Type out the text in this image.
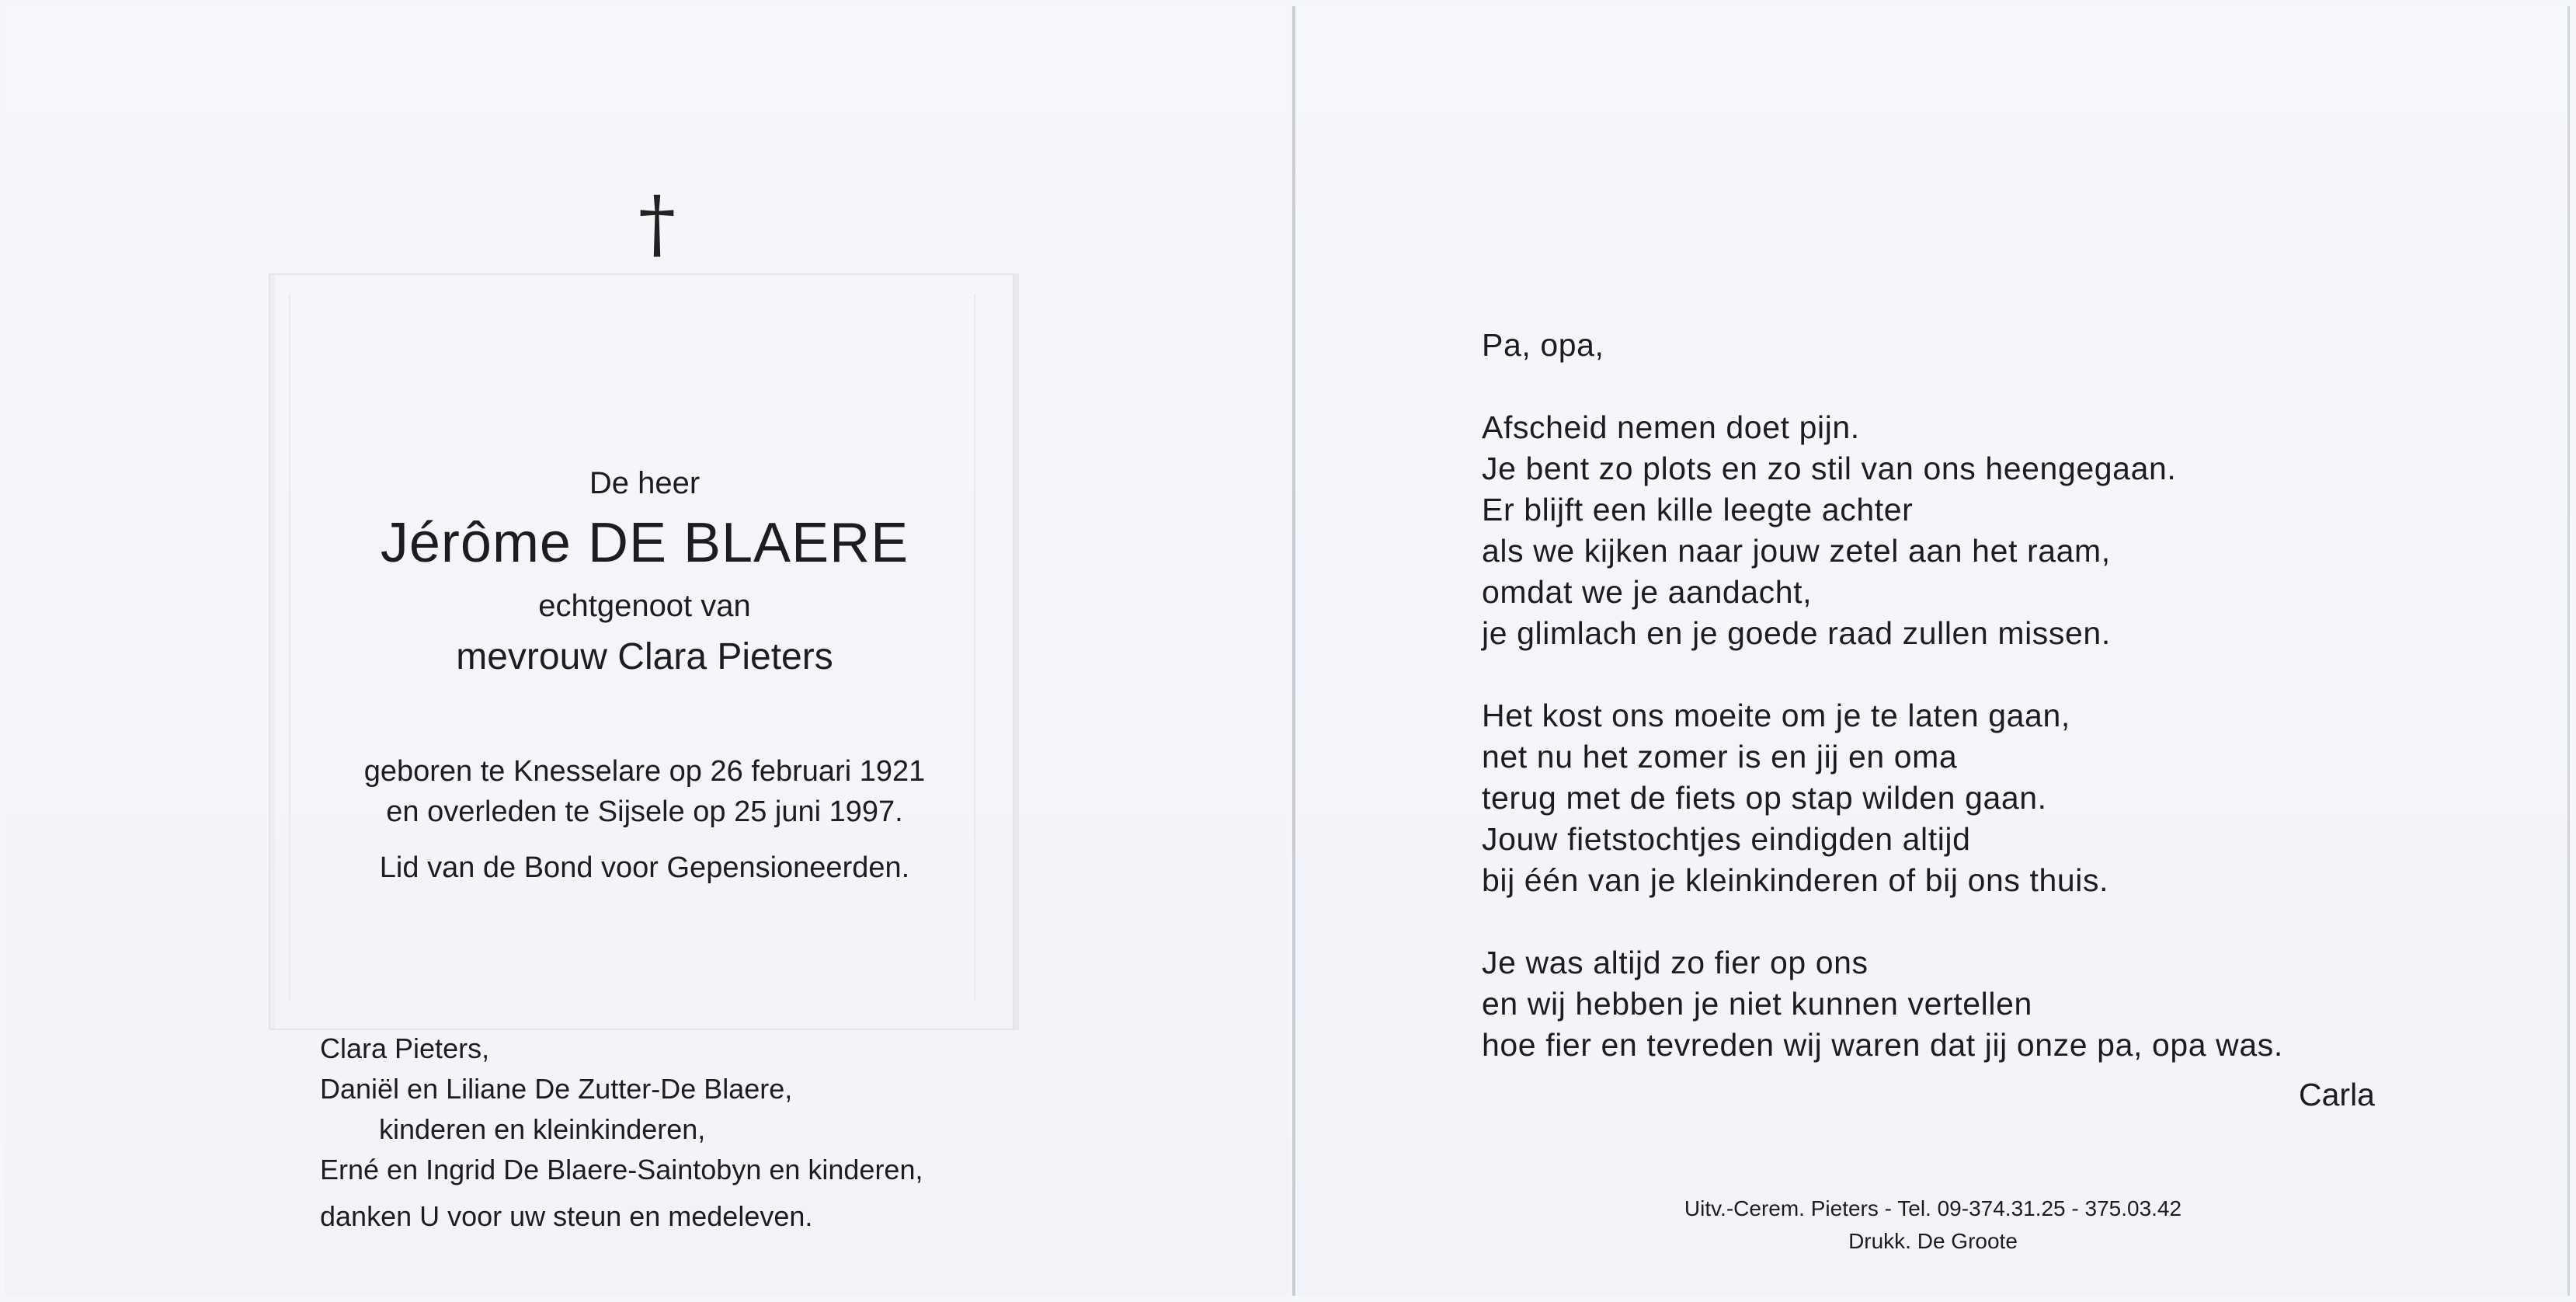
†
De heer
Jérôme DE BLAERE
echtgenoot van
mevrouw Clara Pieters
geboren te Knesselare op 26 februari 1921
en overleden te Sijsele op 25 juni 1997.
Lid van de Bond voor Gepensioneerden.
Clara Pieters,
Daniël en Liliane De Zutter-De Blaere,
kinderen en kleinkinderen,
Erné en Ingrid De Blaere-Saintobyn en kinderen,
danken U voor uw steun en medeleven.
Pa, opa,
Afscheid nemen doet pijn.
Je bent zo plots en zo stil van ons heengegaan.
Er blijft een kille leegte achter
als we kijken naar jouw zetel aan het raam,
omdat we je aandacht,
je glimlach en je goede raad zullen missen.
Het kost ons moeite om je te laten gaan,
net nu het zomer is en jij en oma
terug met de fiets op stap wilden gaan.
Jouw fietstochtjes eindigden altijd
bij één van je kleinkinderen of bij ons thuis.
Je was altijd zo fier op ons
en wij hebben je niet kunnen vertellen
hoe fier en tevreden wij waren dat jij onze pa, opa was.
Carla
Uitv.-Cerem. Pieters - Tel. 09-374.31.25 - 375.03.42
Drukk. De Groote
